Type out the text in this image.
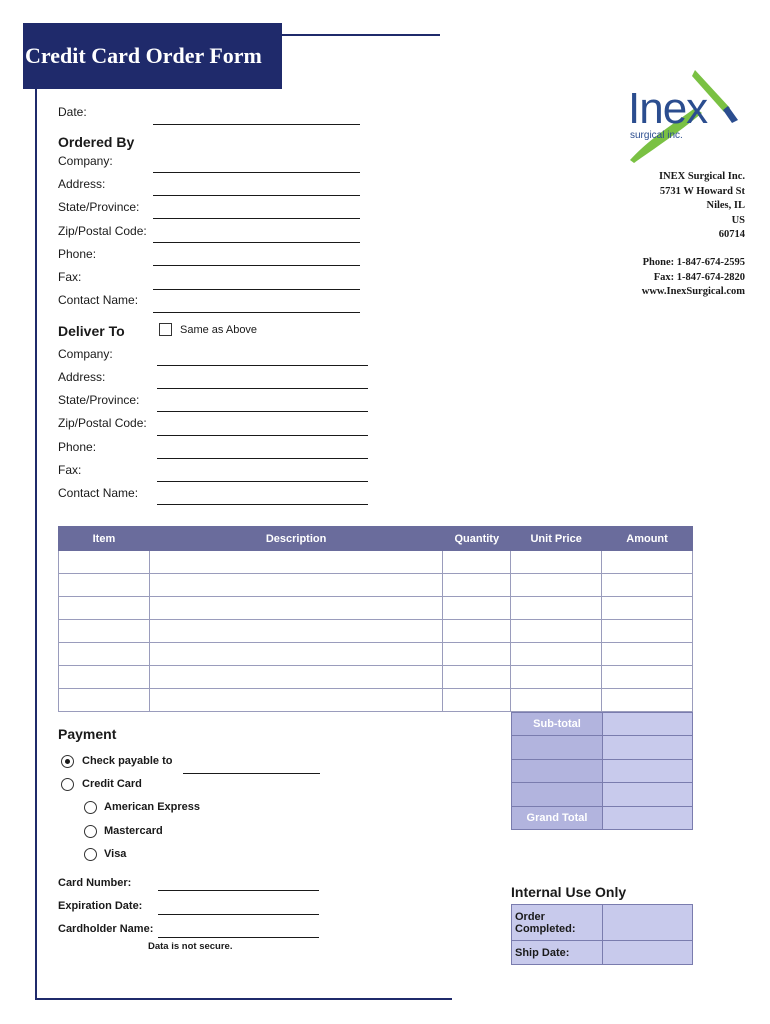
Credit Card Order Form
Date:
Ordered By
Company:
Address:
State/Province:
Zip/Postal Code:
Phone:
Fax:
Contact Name:
Deliver To	Same as Above
Company:
Address:
State/Province:
Zip/Postal Code:
Phone:
Fax:
Contact Name:
Inex
surgical inc.
INEX Surgical Inc.
5731 W Howard St
Niles, IL
US
60714
Phone: 1-847-674-2595
Fax: 1-847-674-2820
www.InexSurgical.com
Item	Description	Quantity	Unit Price	Amount

Sub-total	

Grand Total	
Payment
Check payable to
Credit Card
American Express
Mastercard
Visa
Card Number:
Expiration Date:
Cardholder Name:
Data is not secure.
Internal Use Only
Order Completed:	
Ship Date:	
